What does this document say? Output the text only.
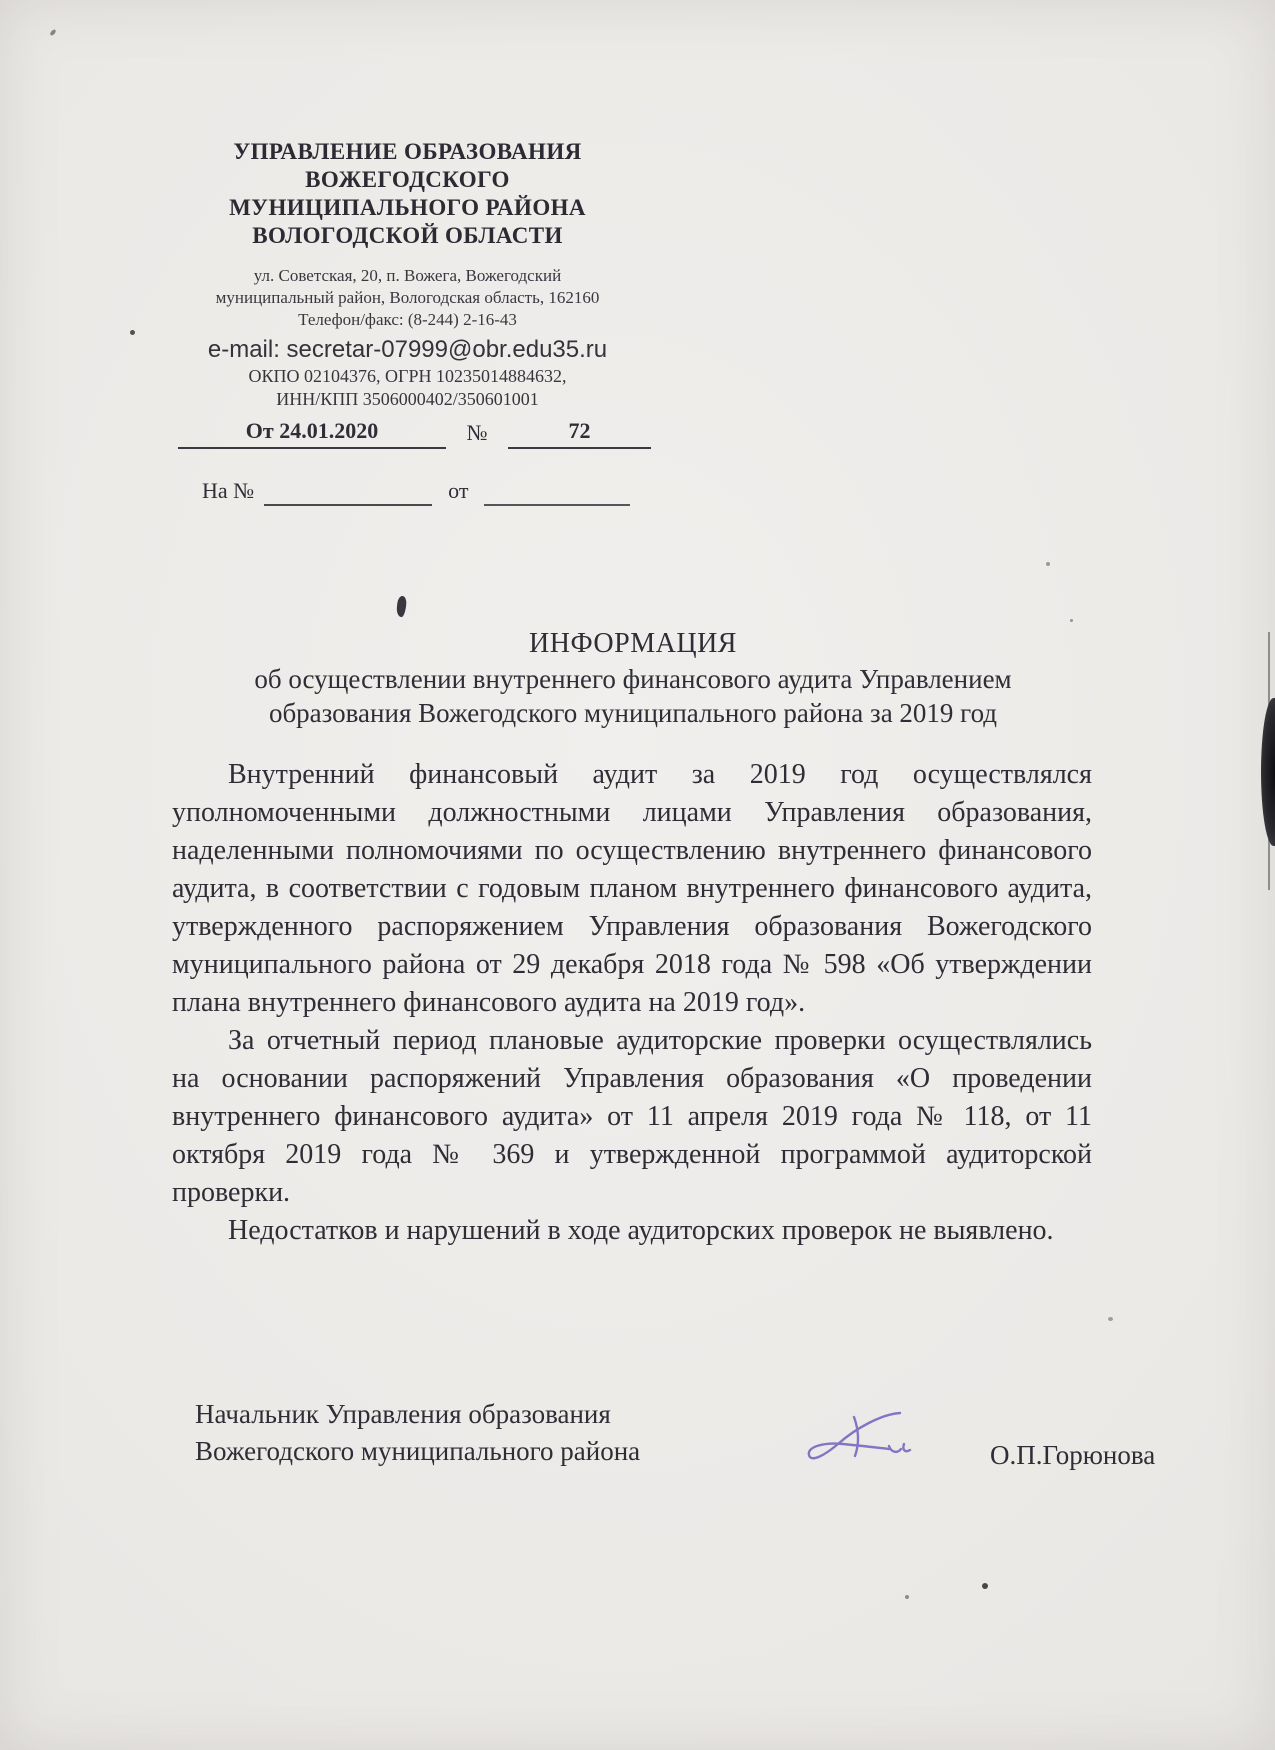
УПРАВЛЕНИЕ ОБРАЗОВАНИЯ
ВОЖЕГОДСКОГО
МУНИЦИПАЛЬНОГО РАЙОНА
ВОЛОГОДСКОЙ ОБЛАСТИ
ул. Советская, 20, п. Вожега, Вожегодский
муниципальный район, Вологодская область, 162160
Телефон/факс: (8-244) 2-16-43
e-mail: secretar-07999@obr.edu35.ru
ОКПО 02104376, ОГРН 10235014884632,
ИНН/КПП 3506000402/350601001
От 24.01.2020	№	72
На №	от
ИНФОРМАЦИЯ
об осуществлении внутреннего финансового аудита Управлением
образования Вожегодского муниципального района за 2019 год

Внутренний финансовый аудит за 2019 год осуществлялся уполномоченными должностными лицами Управления образования, наделенными полномочиями по осуществлению внутреннего финансового аудита, в соответствии с годовым планом внутреннего финансового аудита, утвержденного распоряжением Управления образования Вожегодского муниципального района от 29 декабря 2018 года № 598 «Об утверждении плана внутреннего финансового аудита на 2019 год».

За отчетный период плановые аудиторские проверки осуществлялись на основании распоряжений Управления образования «О проведении внутреннего финансового аудита» от 11 апреля 2019 года № 118, от 11 октября 2019 года № 369 и утвержденной программой аудиторской проверки.

Недостатков и нарушений в ходе аудиторских проверок не выявлено.

Начальник Управления образования
Вожегодского муниципального района	О.П.Горюнова
